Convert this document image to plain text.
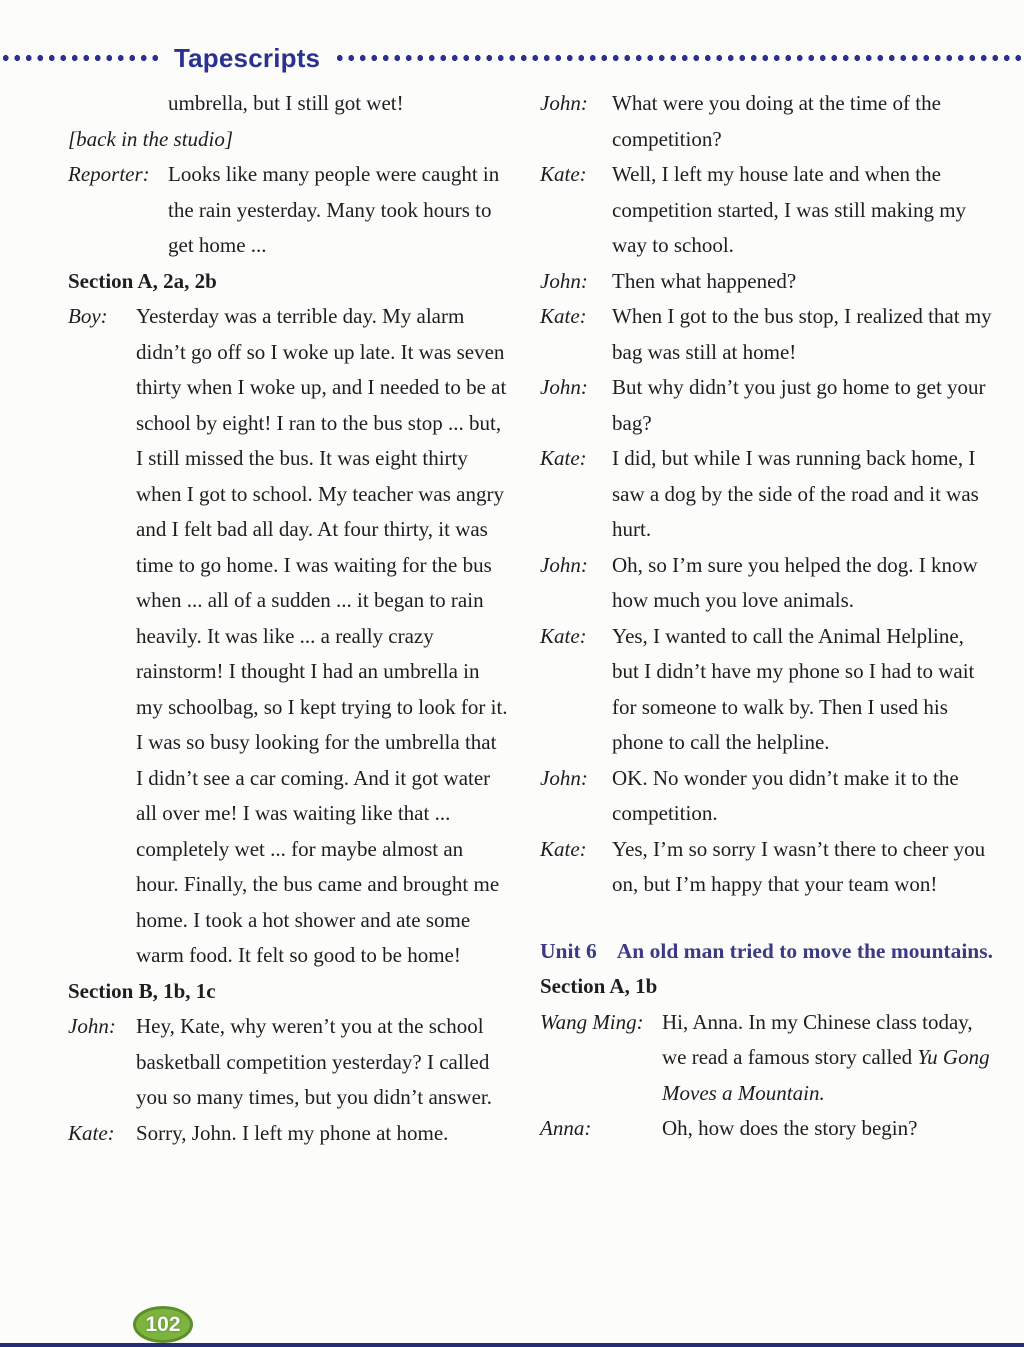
Tapescripts
umbrella, but I still got wet!
[back in the studio]
Reporter: Looks like many people were caught in the rain yesterday. Many took hours to get home ...
Section A, 2a, 2b
Boy:	Yesterday was a terrible day. My alarm didn’t go off so I woke up late. It was seven thirty when I woke up, and I needed to be at school by eight! I ran to the bus stop ... but, I still missed the bus. It was eight thirty when I got to school. My teacher was angry and I felt bad all day. At four thirty, it was time to go home. I was waiting for the bus when ... all of a sudden ... it began to rain heavily. It was like ... a really crazy rainstorm! I thought I had an umbrella in my schoolbag, so I kept trying to look for it. I was so busy looking for the umbrella that I didn’t see a car coming. And it got water all over me! I was waiting like that ... completely wet ... for maybe almost an hour. Finally, the bus came and brought me home. I took a hot shower and ate some warm food. It felt so good to be home!
Section B, 1b, 1c
John: Hey, Kate, why weren’t you at the school basketball competition yesterday? I called you so many times, but you didn’t answer.
Kate:	Sorry, John. I left my phone at home.
John:	What were you doing at the time of the competition?
Kate:	Well, I left my house late and when the competition started, I was still making my way to school.
John:	Then what happened?
Kate:	When I got to the bus stop, I realized that my bag was still at home!
John:	But why didn’t you just go home to get your bag?
Kate:	I did, but while I was running back home, I saw a dog by the side of the road and it was hurt.
John:	Oh, so I’m sure you helped the dog. I know how much you love animals.
Kate:	Yes, I wanted to call the Animal Helpline, but I didn’t have my phone so I had to wait for someone to walk by. Then I used his phone to call the helpline.
John:	OK. No wonder you didn’t make it to the competition.
Kate:	Yes, I’m so sorry I wasn’t there to cheer you on, but I’m happy that your team won!
Unit 6 An old man tried to move the mountains.
Section A, 1b
Wang Ming: Hi, Anna. In my Chinese class today, we read a famous story called Yu Gong Moves a Mountain.
Anna:	Oh, how does the story begin?
102
